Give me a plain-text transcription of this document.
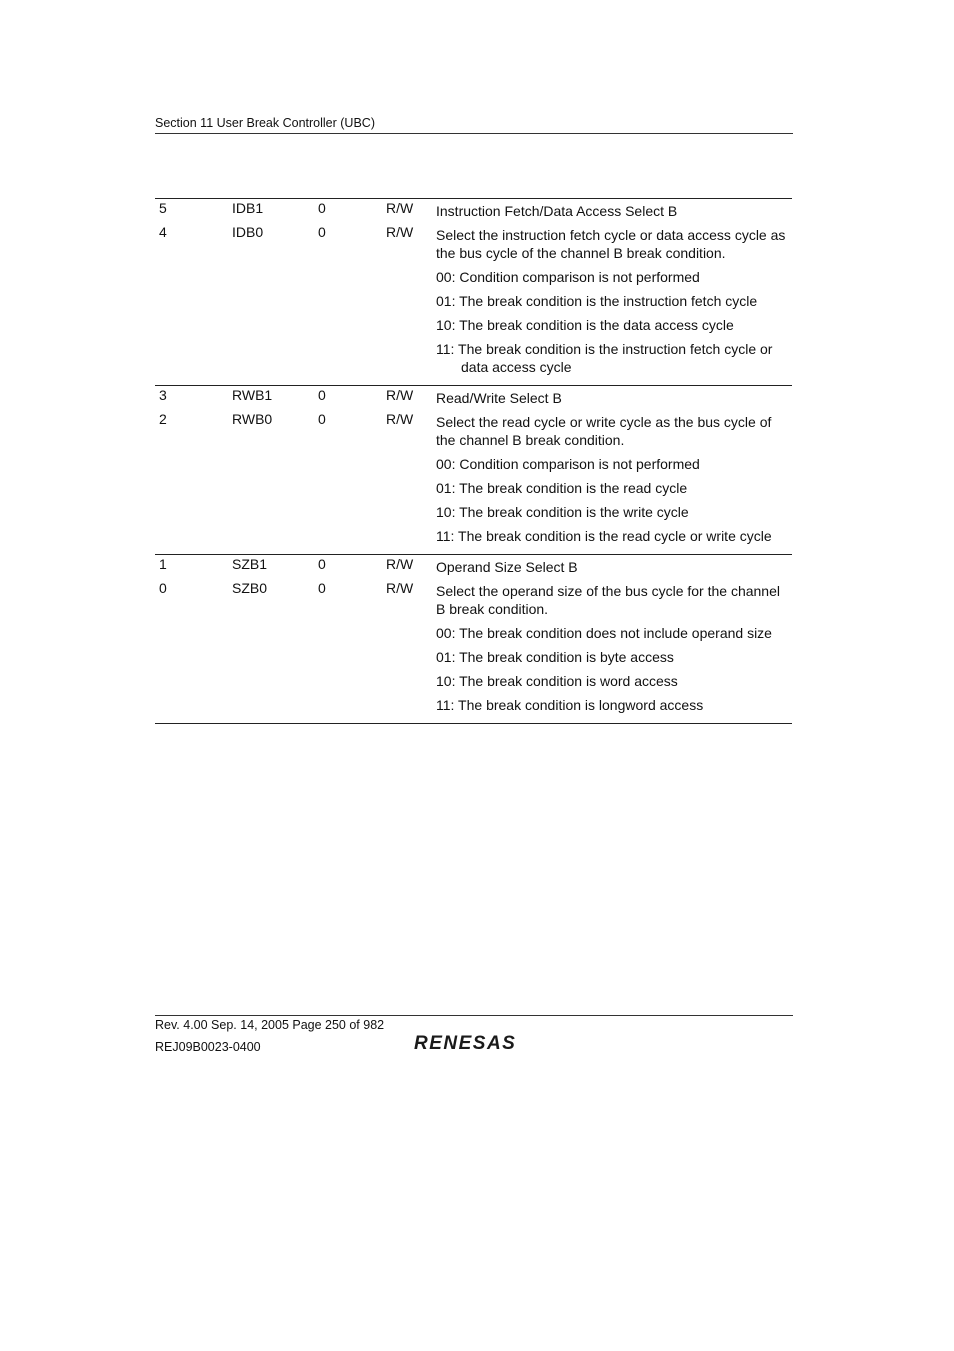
Section 11 User Break Controller (UBC)
5	IDB1	0	R/W Instruction Fetch/Data Access Select B
4	IDB0	0	R/W Select the instruction fetch cycle or data access cycle as the bus cycle of the channel B break condition.
00: Condition comparison is not performed
01: The break condition is the instruction fetch cycle
10: The break condition is the data access cycle
11: The break condition is the instruction fetch cycle or data access cycle
3	RWB1	0	R/W Read/Write Select B
2	RWB0	0	R/W Select the read cycle or write cycle as the bus cycle of the channel B break condition.
00: Condition comparison is not performed
01: The break condition is the read cycle
10: The break condition is the write cycle
11: The break condition is the read cycle or write cycle
1	SZB1	0	R/W Operand Size Select B
0	SZB0	0	R/W Select the operand size of the bus cycle for the channel B break condition.
00: The break condition does not include operand size
01: The break condition is byte access
10: The break condition is word access
11: The break condition is longword access
Rev. 4.00 Sep. 14, 2005 Page 250 of 982
REJ09B0023-0400	RENESAS
